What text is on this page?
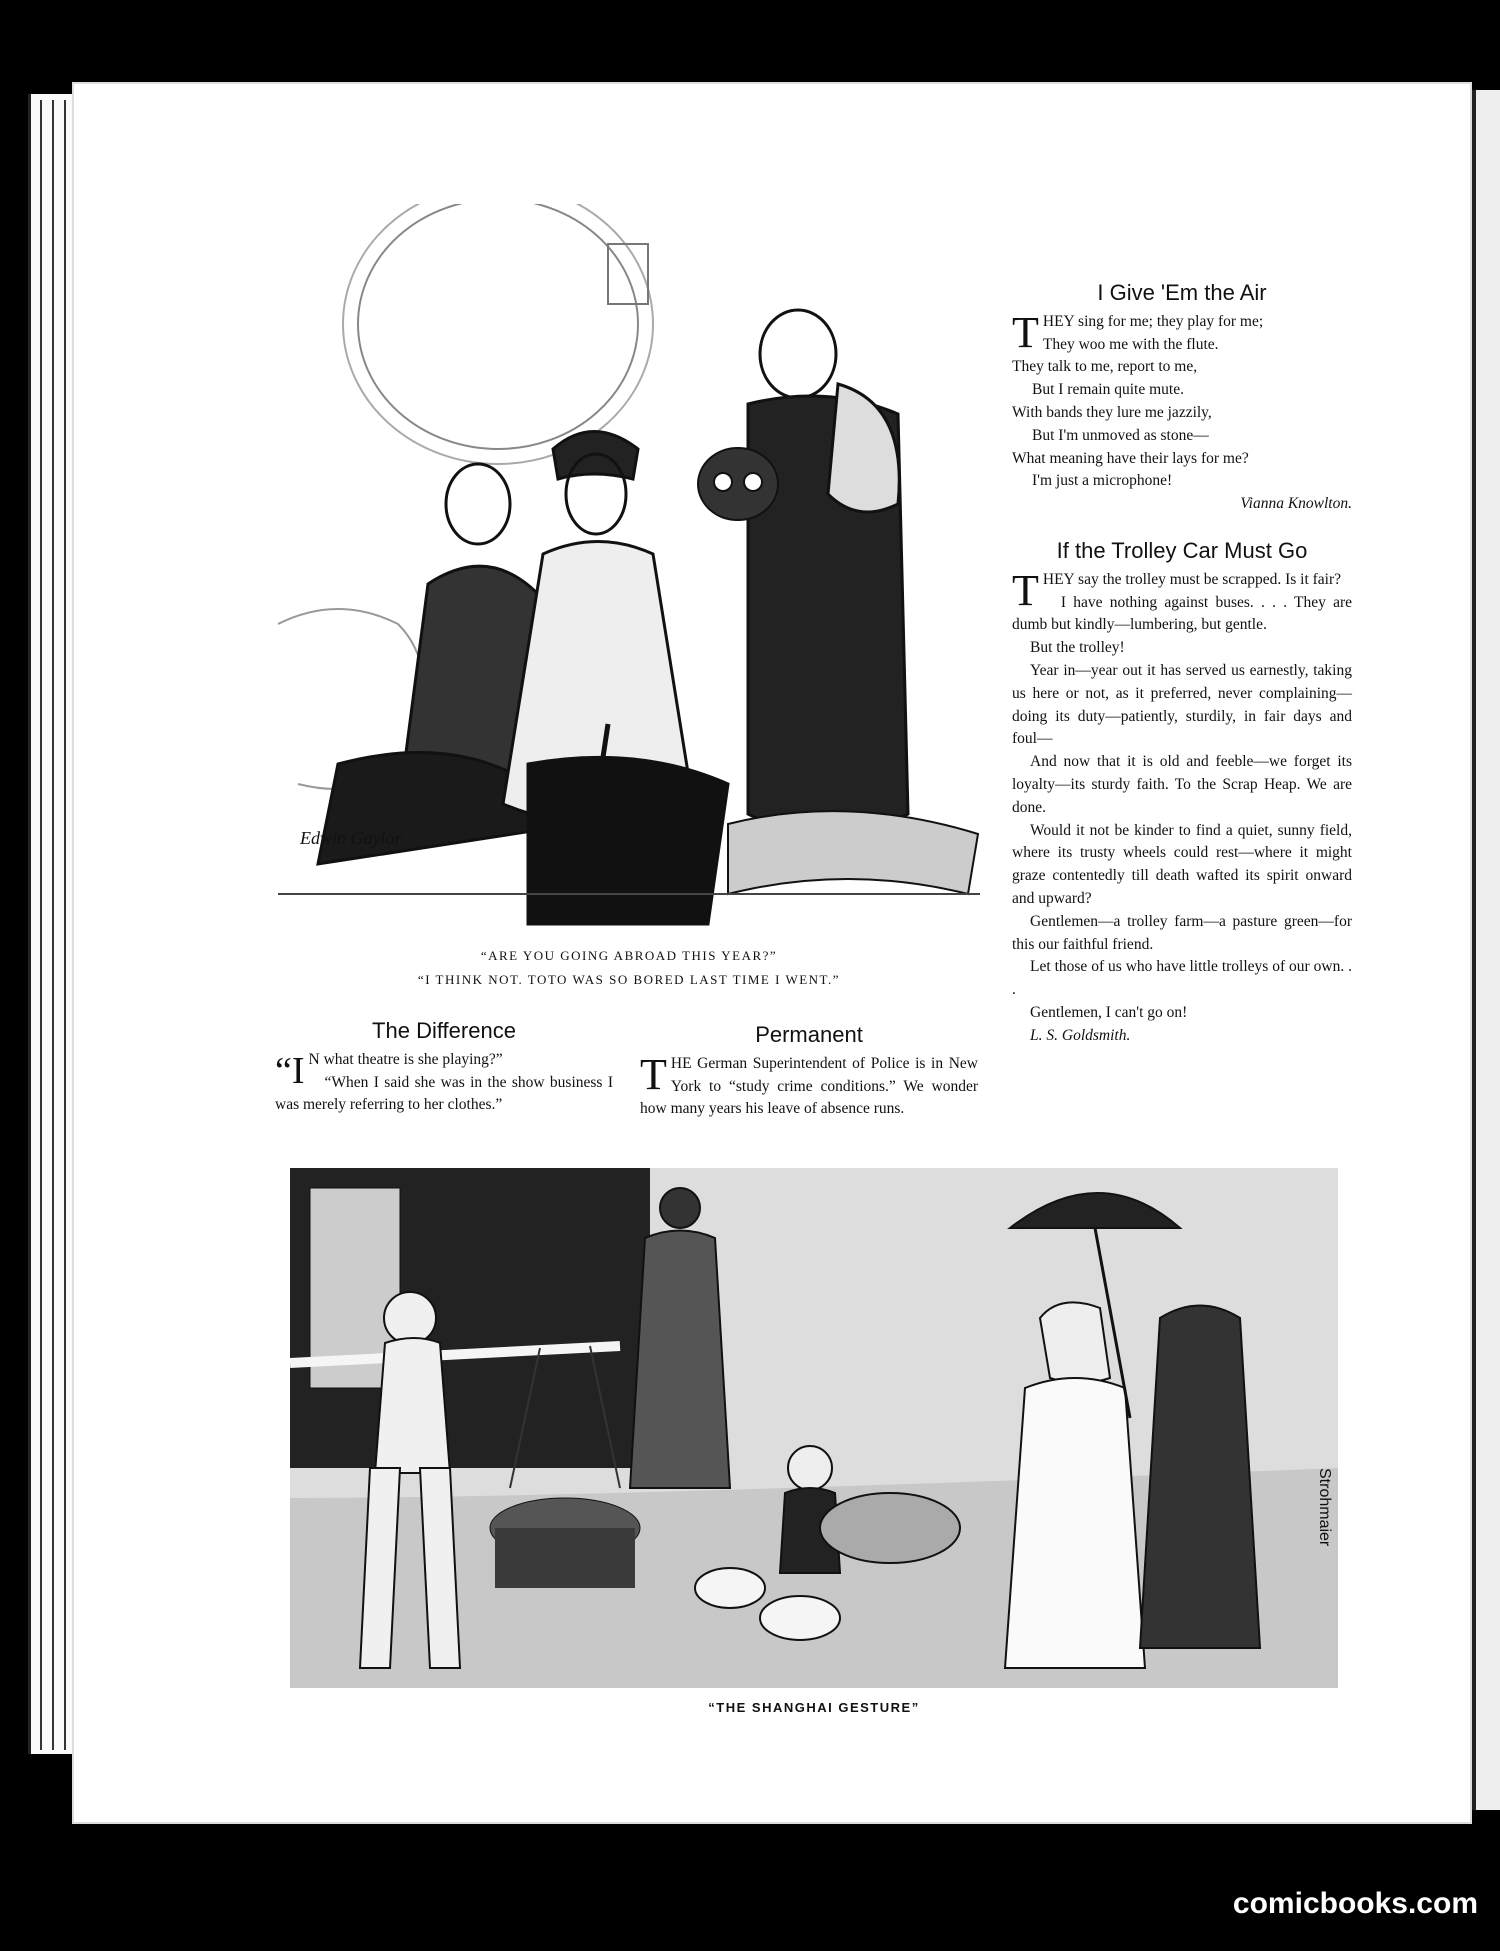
Edwin Gaylor
“ARE YOU GOING ABROAD THIS YEAR?”
“I THINK NOT. TOTO WAS SO BORED LAST TIME I WENT.”
I Give 'Em the Air

THEY sing for me; they play for me;

They woo me with the flute.

They talk to me, report to me,

But I remain quite mute.

With bands they lure me jazzily,

But I'm unmoved as stone—

What meaning have their lays for me?

I'm just a microphone!

Vianna Knowlton.

If the Trolley Car Must Go

THEY say the trolley must be scrapped. Is it fair?

I have nothing against buses. . . . They are dumb but kindly—lumbering, but gentle.

But the trolley!

Year in—year out it has served us earnestly, taking us here or not, as it preferred, never complaining—doing its duty—patiently, sturdily, in fair days and foul—

And now that it is old and feeble—we forget its loyalty—its sturdy faith. To the Scrap Heap. We are done.

Would it not be kinder to find a quiet, sunny field, where its trusty wheels could rest—where it might graze contentedly till death wafted its spirit onward and upward?

Gentlemen—a trolley farm—a pasture green—for this our faithful friend.

Let those of us who have little trolleys of our own. . .

Gentlemen, I can't go on!

L. S. Goldsmith.

The Difference
“I N what theatre is she playing?”
“When I said she was in the show business I was merely referring to her clothes.”
Permanent
THE German Superintendent of Police is in New York to “study crime conditions.” We wonder how many years his leave of absence runs.
Strohmaier
“THE SHANGHAI GESTURE”
comicbooks.com
